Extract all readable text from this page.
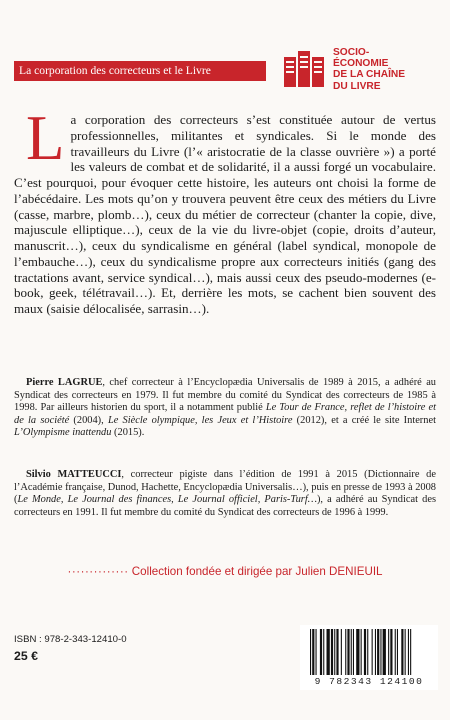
La corporation des correcteurs et le Livre
SOCIO-
ÉCONOMIE
DE LA CHAÎNE
DU LIVRE
La corporation des correcteurs s’est constituée autour de vertus professionnelles, militantes et syndicales. Si le monde des travailleurs du Livre (l’« aristocratie de la classe ouvrière ») a porté les valeurs de combat et de solidarité, il a aussi forgé un vocabulaire. C’est pourquoi, pour évoquer cette histoire, les auteurs ont choisi la forme de l’abécédaire. Les mots qu’on y trouvera peuvent être ceux des métiers du Livre (casse, marbre, plomb…), ceux du métier de correcteur (chanter la copie, dive, majuscule elliptique…), ceux de la vie du livre-objet (copie, droits d’auteur, manuscrit…), ceux du syndicalisme en général (label syndical, monopole de l’embauche…), ceux du syndicalisme propre aux correcteurs initiés (gang des tractations avant, service syndical…), mais aussi ceux des pseudo-modernes (e-book, geek, télétravail…). Et, derrière les mots, se cachent bien souvent des maux (saisie délocalisée, sarrasin…).

Pierre LAGRUE, chef correcteur à l’Encyclopædia Universalis de 1989 à 2015, a adhéré au Syndicat des correcteurs en 1979. Il fut membre du comité du Syndicat des correcteurs de 1985 à 1998. Par ailleurs historien du sport, il a notamment publié Le Tour de France, reflet de l’histoire et de la société (2004), Le Siècle olympique, les Jeux et l’Histoire (2012), et a créé le site Internet L’Olympisme inattendu (2015).

Silvio MATTEUCCI, correcteur pigiste dans l’édition de 1991 à 2015 (Dictionnaire de l’Académie française, Dunod, Hachette, Encyclopædia Universalis…), puis en presse de 1993 à 2008 (Le Monde, Le Journal des finances, Le Journal officiel, Paris-Turf…), a adhéré au Syndicat des correcteurs en 1991. Il fut membre du comité du Syndicat des correcteurs de 1996 à 1999.

·············· Collection fondée et dirigée par Julien DENIEUIL
ISBN : 978-2-343-12410-0
25 €
9 782343 124100
